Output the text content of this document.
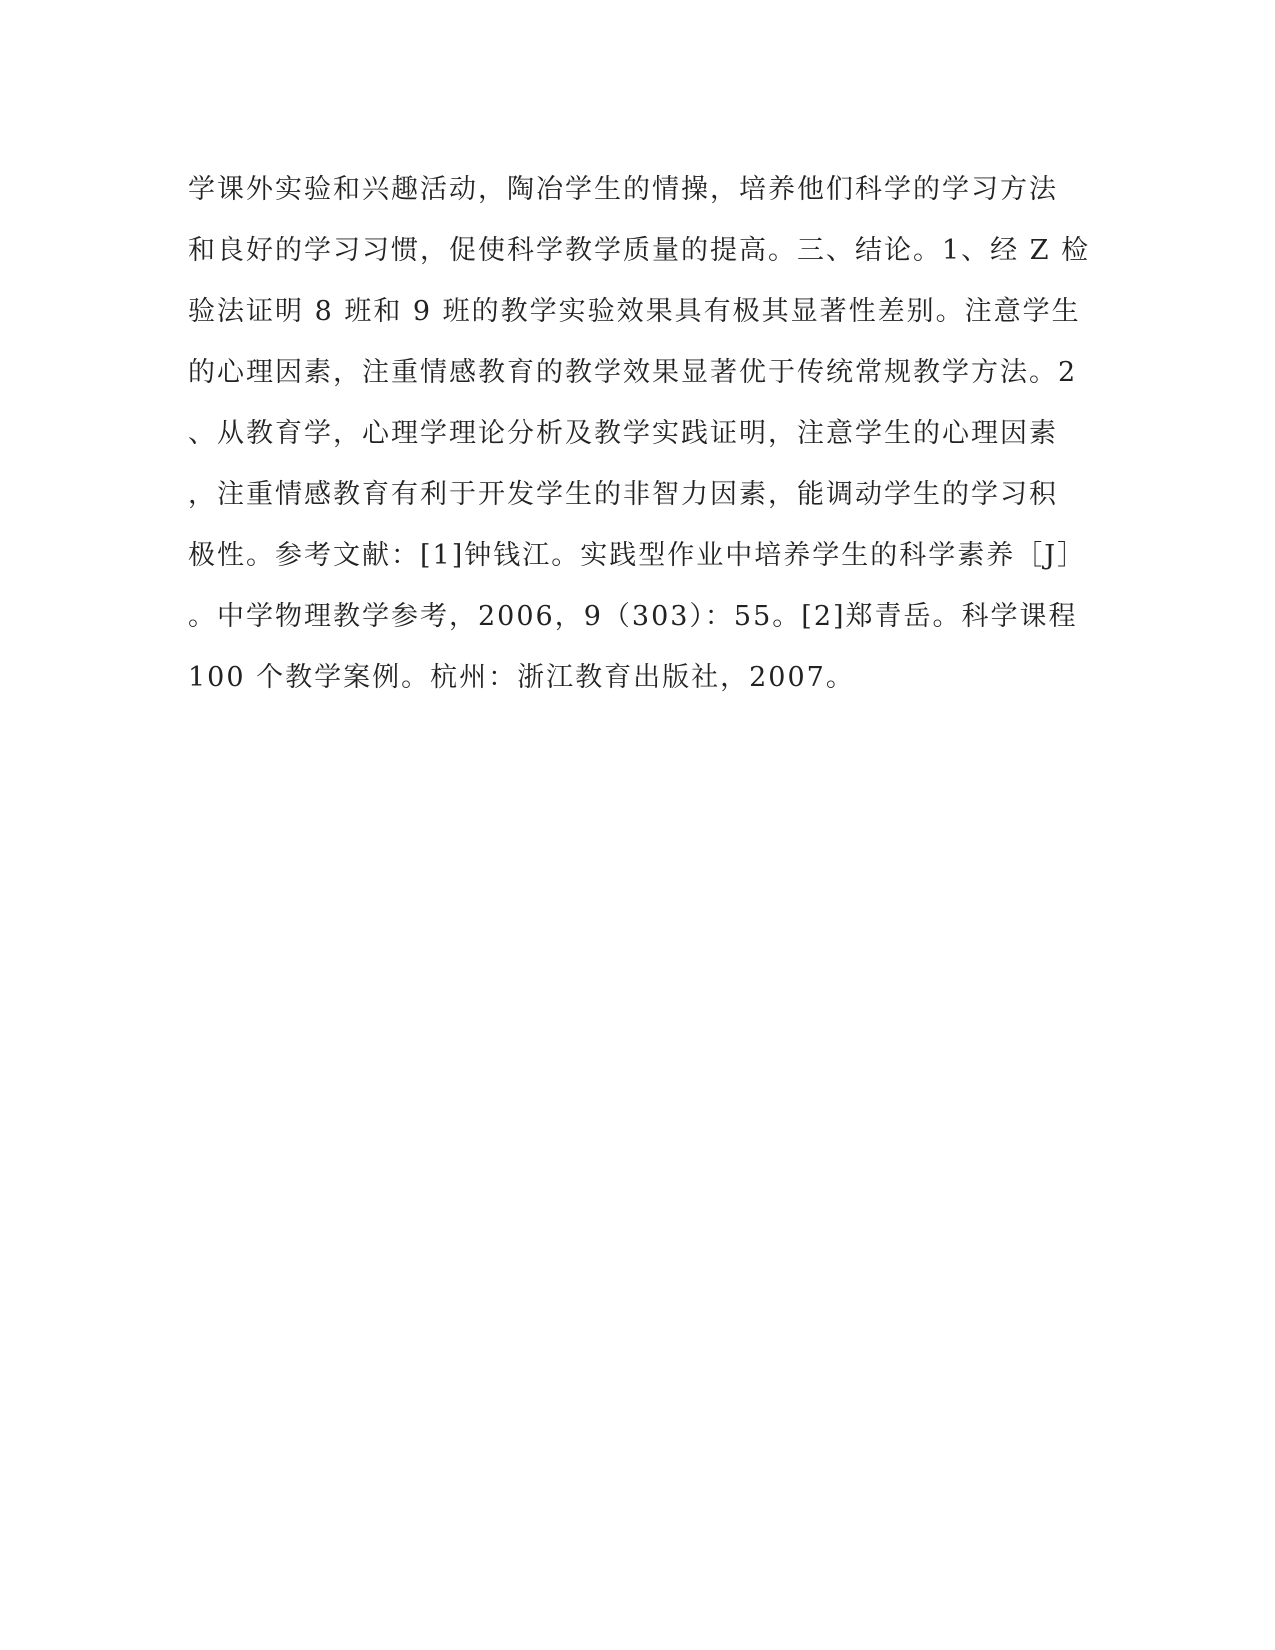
学课外实验和兴趣活动，陶冶学生的情操，培养他们科学的学习方法
和良好的学习习惯，促使科学教学质量的提高。三、结论。1、经 Z 检
验法证明 8 班和 9 班的教学实验效果具有极其显著性差别。注意学生
的心理因素，注重情感教育的教学效果显著优于传统常规教学方法。2
、从教育学，心理学理论分析及教学实践证明，注意学生的心理因素
，注重情感教育有利于开发学生的非智力因素，能调动学生的学习积
极性。参考文献：[1]钟钱江。实践型作业中培养学生的科学素养［J］
。中学物理教学参考，2006，9（303）：55。[2]郑青岳。科学课程
100 个教学案例。杭州：浙江教育出版社，2007。
